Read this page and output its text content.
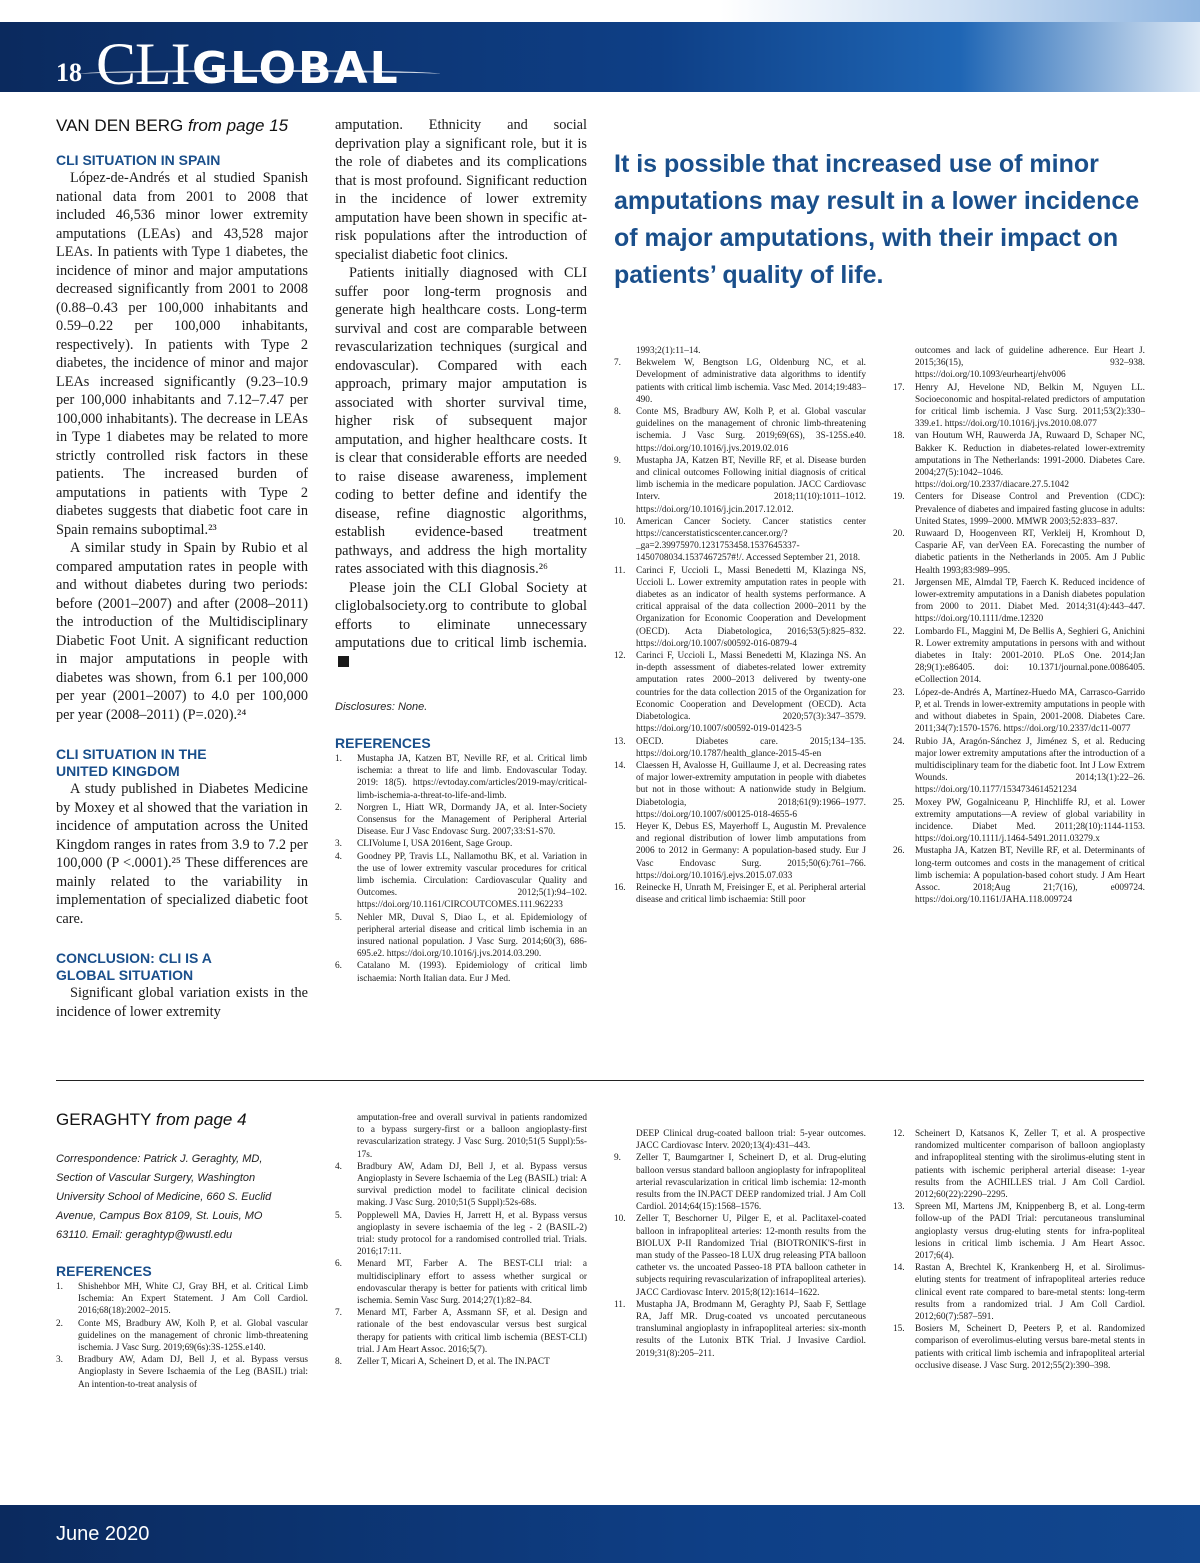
18 CLI GLOBAL
VAN DEN BERG from page 15
CLI SITUATION IN SPAIN

López-de-Andrés et al studied Spanish national data from 2001 to 2008 that included 46,536 minor lower extremity amputations (LEAs) and 43,528 major LEAs. In patients with Type 1 diabetes, the incidence of minor and major amputations decreased significantly from 2001 to 2008 (0.88–0.43 per 100,000 inhabitants and 0.59–0.22 per 100,000 inhabitants, respectively). In patients with Type 2 diabetes, the incidence of minor and major LEAs increased significantly (9.23–10.9 per 100,000 inhabitants and 7.12–7.47 per 100,000 inhabitants). The decrease in LEAs in Type 1 diabetes may be related to more strictly controlled risk factors in these patients. The increased burden of amputations in patients with Type 2 diabetes suggests that diabetic foot care in Spain remains suboptimal.²³

A similar study in Spain by Rubio et al compared amputation rates in people with and without diabetes during two periods: before (2001–2007) and after (2008–2011) the introduction of the Multidisciplinary Diabetic Foot Unit. A significant reduction in major amputations in people with diabetes was shown, from 6.1 per 100,000 per year (2001–2007) to 4.0 per 100,000 per year (2008–2011) (P=.020).²⁴

CLI SITUATION IN THE
UNITED KINGDOM

A study published in Diabetes Medicine by Moxey et al showed that the variation in incidence of amputation across the United Kingdom ranges in rates from 3.9 to 7.2 per 100,000 (P <.0001).²⁵ These differences are mainly related to the variability in implementation of specialized diabetic foot care.

CONCLUSION: CLI IS A
GLOBAL SITUATION

Significant global variation exists in the incidence of lower extremity

amputation. Ethnicity and social deprivation play a significant role, but it is the role of diabetes and its complications that is most profound. Significant reduction in the incidence of lower extremity amputation have been shown in specific at-risk populations after the introduction of specialist diabetic foot clinics.

Patients initially diagnosed with CLI suffer poor long-term prognosis and generate high healthcare costs. Long-term survival and cost are comparable between revascularization techniques (surgical and endovascular). Compared with each approach, primary major amputation is associated with shorter survival time, higher risk of subsequent major amputation, and higher healthcare costs. It is clear that considerable efforts are needed to raise disease awareness, implement coding to better define and identify the disease, refine diagnostic algorithms, establish evidence-based treatment pathways, and address the high mortality rates associated with this diagnosis.²⁶

Please join the CLI Global Society at cliglobalsociety.org to contribute to global efforts to eliminate unnecessary amputations due to critical limb ischemia.

Disclosures: None.
REFERENCES
1. Mustapha JA, Katzen BT, Neville RF, et al. Critical limb ischemia: a threat to life and limb. Endovascular Today. 2019: 18(5). https://evtoday.com/articles/2019-may/critical-limb-ischemia-a-threat-to-life-and-limb.
2. Norgren L, Hiatt WR, Dormandy JA, et al. Inter-Society Consensus for the Management of Peripheral Arterial Disease. Eur J Vasc Endovasc Surg. 2007;33:S1-S70.
3. CLIVolume I, USA 2016ent, Sage Group.
4. Goodney PP, Travis LL, Nallamothu BK, et al. Variation in the use of lower extremity vascular procedures for critical limb ischemia. Circulation: Cardiovascular Quality and Outcomes. 2012;5(1):94–102. https://doi.org/10.1161/CIRCOUTCOMES.111.962233
5. Nehler MR, Duval S, Diao L, et al. Epidemiology of peripheral arterial disease and critical limb ischemia in an insured national population. J Vasc Surg. 2014;60(3), 686-695.e2. https://doi.org/10.1016/j.jvs.2014.03.290.
6. Catalano M. (1993). Epidemiology of critical limb ischaemia: North Italian data. Eur J Med.
It is possible that increased use of minor amputations may result in a lower incidence of major amputations, with their impact on patients’ quality of life.
1993;2(1):11–14.
7. Bekwelem W, Bengtson LG, Oldenburg NC, et al. Development of administrative data algorithms to identify patients with critical limb ischemia. Vasc Med. 2014;19:483–490.
8. Conte MS, Bradbury AW, Kolh P, et al. Global vascular guidelines on the management of chronic limb-threatening ischemia. J Vasc Surg. 2019;69(6S), 3S-125S.e40. https://doi.org/10.1016/j.jvs.2019.02.016
9. Mustapha JA, Katzen BT, Neville RF, et al. Disease burden and clinical outcomes Following initial diagnosis of critical limb ischemia in the medicare population. JACC Cardiovasc Interv. 2018;11(10):1011–1012. https://doi.org/10.1016/j.jcin.2017.12.012.
10. American Cancer Society. Cancer statistics center https://cancerstatisticscenter.cancer.org/?_ga=2.39975970.1231753458.1537645337-1450708034.1537467257#!/. Accessed September 21, 2018.
11. Carinci F, Uccioli L, Massi Benedetti M, Klazinga NS, Uccioli L. Lower extremity amputation rates in people with diabetes as an indicator of health systems performance. A critical appraisal of the data collection 2000–2011 by the Organization for Economic Cooperation and Development (OECD). Acta Diabetologica, 2016;53(5):825–832. https://doi.org/10.1007/s00592-016-0879-4
12. Carinci F, Uccioli L, Massi Benedetti M, Klazinga NS. An in-depth assessment of diabetes-related lower extremity amputation rates 2000–2013 delivered by twenty-one countries for the data collection 2015 of the Organization for Economic Cooperation and Development (OECD). Acta Diabetologica. 2020;57(3):347–3579. https://doi.org/10.1007/s00592-019-01423-5
13. OECD. Diabetes care. 2015;134–135. https://doi.org/10.1787/health_glance-2015-45-en
14. Claessen H, Avalosse H, Guillaume J, et al. Decreasing rates of major lower-extremity amputation in people with diabetes but not in those without: A nationwide study in Belgium. Diabetologia, 2018;61(9):1966–1977. https://doi.org/10.1007/s00125-018-4655-6
15. Heyer K, Debus ES, Mayerhoff L, Augustin M. Prevalence and regional distribution of lower limb amputations from 2006 to 2012 in Germany: A population-based study. Eur J Vasc Endovasc Surg. 2015;50(6):761–766. https://doi.org/10.1016/j.ejvs.2015.07.033
16. Reinecke H, Unrath M, Freisinger E, et al. Peripheral arterial disease and critical limb ischaemia: Still poor
outcomes and lack of guideline adherence. Eur Heart J. 2015;36(15), 932–938. https://doi.org/10.1093/eurheartj/ehv006
17. Henry AJ, Hevelone ND, Belkin M, Nguyen LL. Socioeconomic and hospital-related predictors of amputation for critical limb ischemia. J Vasc Surg. 2011;53(2):330–339.e1. https://doi.org/10.1016/j.jvs.2010.08.077
18. van Houtum WH, Rauwerda JA, Ruwaard D, Schaper NC, Bakker K. Reduction in diabetes-related lower-extremity amputations in The Netherlands: 1991-2000. Diabetes Care. 2004;27(5):1042–1046. https://doi.org/10.2337/diacare.27.5.1042
19. Centers for Disease Control and Prevention (CDC): Prevalence of diabetes and impaired fasting glucose in adults: United States, 1999–2000. MMWR 2003;52:833–837.
20. Ruwaard D, Hoogenveen RT, Verkleij H, Kromhout D, Casparie AF, van derVeen EA. Forecasting the number of diabetic patients in the Netherlands in 2005. Am J Public Health 1993;83:989–995.
21. Jørgensen ME, Almdal TP, Faerch K. Reduced incidence of lower-extremity amputations in a Danish diabetes population from 2000 to 2011. Diabet Med. 2014;31(4):443–447. https://doi.org/10.1111/dme.12320
22. Lombardo FL, Maggini M, De Bellis A, Seghieri G, Anichini R. Lower extremity amputations in persons with and without diabetes in Italy: 2001-2010. PLoS One. 2014;Jan 28;9(1):e86405. doi: 10.1371/journal.pone.0086405. eCollection 2014.
23. López-de-Andrés A, Martínez-Huedo MA, Carrasco-Garrido P, et al. Trends in lower-extremity amputations in people with and without diabetes in Spain, 2001-2008. Diabetes Care. 2011;34(7):1570-1576. https://doi.org/10.2337/dc11-0077
24. Rubio JA, Aragón-Sánchez J, Jiménez S, et al. Reducing major lower extremity amputations after the introduction of a multidisciplinary team for the diabetic foot. Int J Low Extrem Wounds. 2014;13(1):22–26. https://doi.org/10.1177/1534734614521234
25. Moxey PW, Gogalniceanu P, Hinchliffe RJ, et al. Lower extremity amputations—A review of global variability in incidence. Diabet Med. 2011;28(10):1144-1153. https://doi.org/10.1111/j.1464-5491.2011.03279.x
26. Mustapha JA, Katzen BT, Neville RF, et al. Determinants of long-term outcomes and costs in the management of critical limb ischemia: A population-based cohort study. J Am Heart Assoc. 2018;Aug 21;7(16), e009724. https://doi.org/10.1161/JAHA.118.009724
GERAGHTY from page 4
Correspondence: Patrick J. Geraghty, MD,
Section of Vascular Surgery, Washington
University School of Medicine, 660 S. Euclid
Avenue, Campus Box 8109, St. Louis, MO
63110. Email: geraghtyp@wustl.edu
REFERENCES
1. Shishehbor MH, White CJ, Gray BH, et al. Critical Limb Ischemia: An Expert Statement. J Am Coll Cardiol. 2016;68(18):2002–2015.
2. Conte MS, Bradbury AW, Kolh P, et al. Global vascular guidelines on the management of chronic limb-threatening ischemia. J Vasc Surg. 2019;69(6s):3S-125S.e140.
3. Bradbury AW, Adam DJ, Bell J, et al. Bypass versus Angioplasty in Severe Ischaemia of the Leg (BASIL) trial: An intention-to-treat analysis of
amputation-free and overall survival in patients randomized to a bypass surgery-first or a balloon angioplasty-first revascularization strategy. J Vasc Surg. 2010;51(5 Suppl):5s-17s.
4. Bradbury AW, Adam DJ, Bell J, et al. Bypass versus Angioplasty in Severe Ischaemia of the Leg (BASIL) trial: A survival prediction model to facilitate clinical decision making. J Vasc Surg. 2010;51(5 Suppl):52s-68s.
5. Popplewell MA, Davies H, Jarrett H, et al. Bypass versus angioplasty in severe ischaemia of the leg - 2 (BASIL-2) trial: study protocol for a randomised controlled trial. Trials. 2016;17:11.
6. Menard MT, Farber A. The BEST-CLI trial: a multidisciplinary effort to assess whether surgical or endovascular therapy is better for patients with critical limb ischemia. Semin Vasc Surg. 2014;27(1):82–84.
7. Menard MT, Farber A, Assmann SF, et al. Design and rationale of the best endovascular versus best surgical therapy for patients with critical limb ischemia (BEST-CLI) trial. J Am Heart Assoc. 2016;5(7).
8. Zeller T, Micari A, Scheinert D, et al. The IN.PACT
DEEP Clinical drug-coated balloon trial: 5-year outcomes. JACC Cardiovasc Interv. 2020;13(4):431–443.
9. Zeller T, Baumgartner I, Scheinert D, et al. Drug-eluting balloon versus standard balloon angioplasty for infrapopliteal arterial revascularization in critical limb ischemia: 12-month results from the IN.PACT DEEP randomized trial. J Am Coll Cardiol. 2014;64(15):1568–1576.
10. Zeller T, Beschorner U, Pilger E, et al. Paclitaxel-coated balloon in infrapopliteal arteries: 12-month results from the BIOLUX P-II Randomized Trial (BIOTRONIK'S-first in man study of the Passeo-18 LUX drug releasing PTA balloon catheter vs. the uncoated Passeo-18 PTA balloon catheter in subjects requiring revascularization of infrapopliteal arteries). JACC Cardiovasc Interv. 2015;8(12):1614–1622.
11. Mustapha JA, Brodmann M, Geraghty PJ, Saab F, Settlage RA, Jaff MR. Drug-coated vs uncoated percutaneous transluminal angioplasty in infrapopliteal arteries: six-month results of the Lutonix BTK Trial. J Invasive Cardiol. 2019;31(8):205–211.
12. Scheinert D, Katsanos K, Zeller T, et al. A prospective randomized multicenter comparison of balloon angioplasty and infrapopliteal stenting with the sirolimus-eluting stent in patients with ischemic peripheral arterial disease: 1-year results from the ACHILLES trial. J Am Coll Cardiol. 2012;60(22):2290–2295.
13. Spreen MI, Martens JM, Knippenberg B, et al. Long-term follow-up of the PADI Trial: percutaneous transluminal angioplasty versus drug-eluting stents for infra-popliteal lesions in critical limb ischemia. J Am Heart Assoc. 2017;6(4).
14. Rastan A, Brechtel K, Krankenberg H, et al. Sirolimus-eluting stents for treatment of infrapopliteal arteries reduce clinical event rate compared to bare-metal stents: long-term results from a randomized trial. J Am Coll Cardiol. 2012;60(7):587–591.
15. Bosiers M, Scheinert D, Peeters P, et al. Randomized comparison of everolimus-eluting versus bare-metal stents in patients with critical limb ischemia and infrapopliteal arterial occlusive disease. J Vasc Surg. 2012;55(2):390–398.
June 2020
